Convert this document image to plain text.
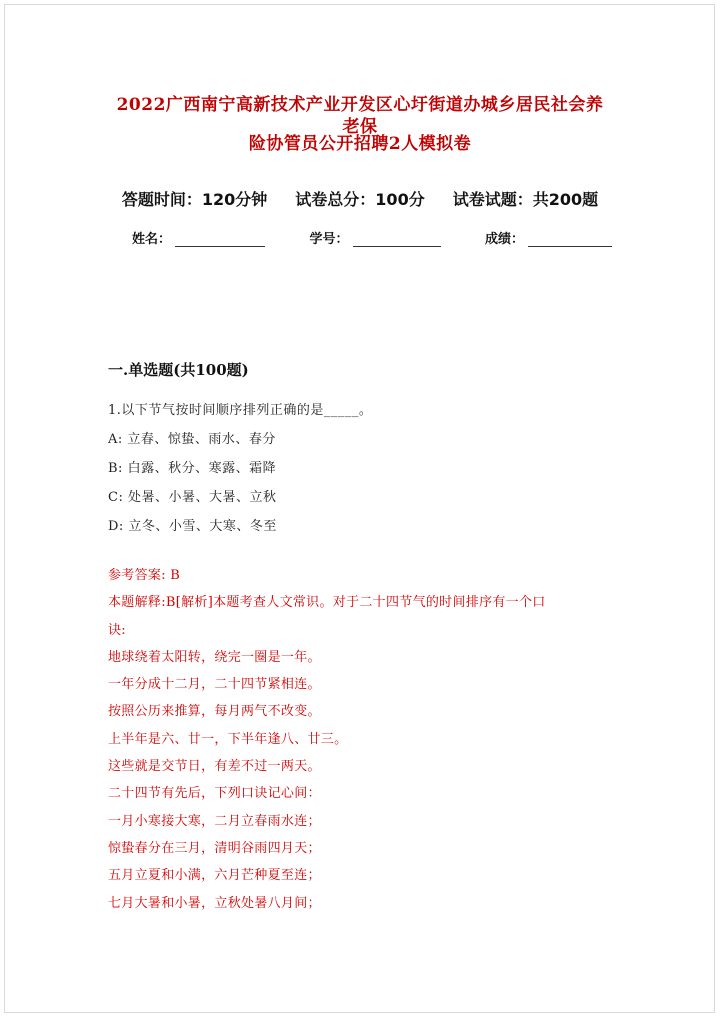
2022广西南宁高新技术产业开发区心圩街道办城乡居民社会养老保
险协管员公开招聘2人模拟卷
答题时间：120分钟 试卷总分：100分 试卷试题：共200题
姓名：	学号：	成绩：
一.单选题(共100题)
1.以下节气按时间顺序排列正确的是_____。
A: 立春、惊蛰、雨水、春分
B: 白露、秋分、寒露、霜降
C: 处暑、小暑、大暑、立秋
D: 立冬、小雪、大寒、冬至
参考答案: B
本题解释:B[解析]本题考查人文常识。对于二十四节气的时间排序有一个口
诀:
地球绕着太阳转，绕完一圈是一年。
一年分成十二月，二十四节紧相连。
按照公历来推算，每月两气不改变。
上半年是六、廿一，下半年逢八、廿三。
这些就是交节日，有差不过一两天。
二十四节有先后，下列口诀记心间：
一月小寒接大寒，二月立春雨水连；
惊蛰春分在三月，清明谷雨四月天；
五月立夏和小满，六月芒种夏至连；
七月大暑和小暑，立秋处暑八月间；
